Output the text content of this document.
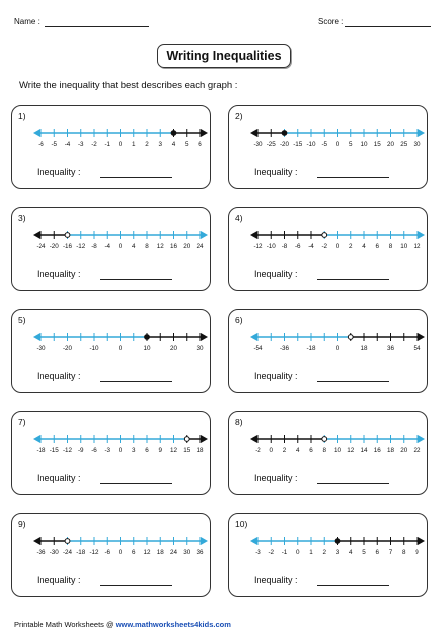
Name :	Score :
Writing Inequalities
Write the inequality that best describes each graph :
1)
-6 -5 -4 -3 -2 -1 0 1 2 3 4 5 6
Inequality :
2)
-30 -25 -20 -15 -10 -5 0 5 10 15 20 25 30
Inequality :
3)
-24 -20 -16 -12 -8 -4 0 4 8 12 16 20 24
Inequality :
4)
-12 -10 -8 -6 -4 -2 0 2 4 6 8 10 12
Inequality :
5)
-30	-20	-10	0	10	20	30
Inequality :
6)
-54	-36	-18	0	18	36	54
Inequality :
7)
-18 -15 -12 -9 -6 -3 0 3 6 9 12 15 18
Inequality :
8)
-2 0 2 4 6 8 10 12 14 16 18 20 22
Inequality :
9)
-36 -30 -24 -18 -12 -6 0 6 12 18 24 30 36
Inequality :
10)
-3 -2 -1 0 1 2 3 4 5 6 7 8 9
Inequality :
Printable Math Worksheets @ www.mathworksheets4kids.com
